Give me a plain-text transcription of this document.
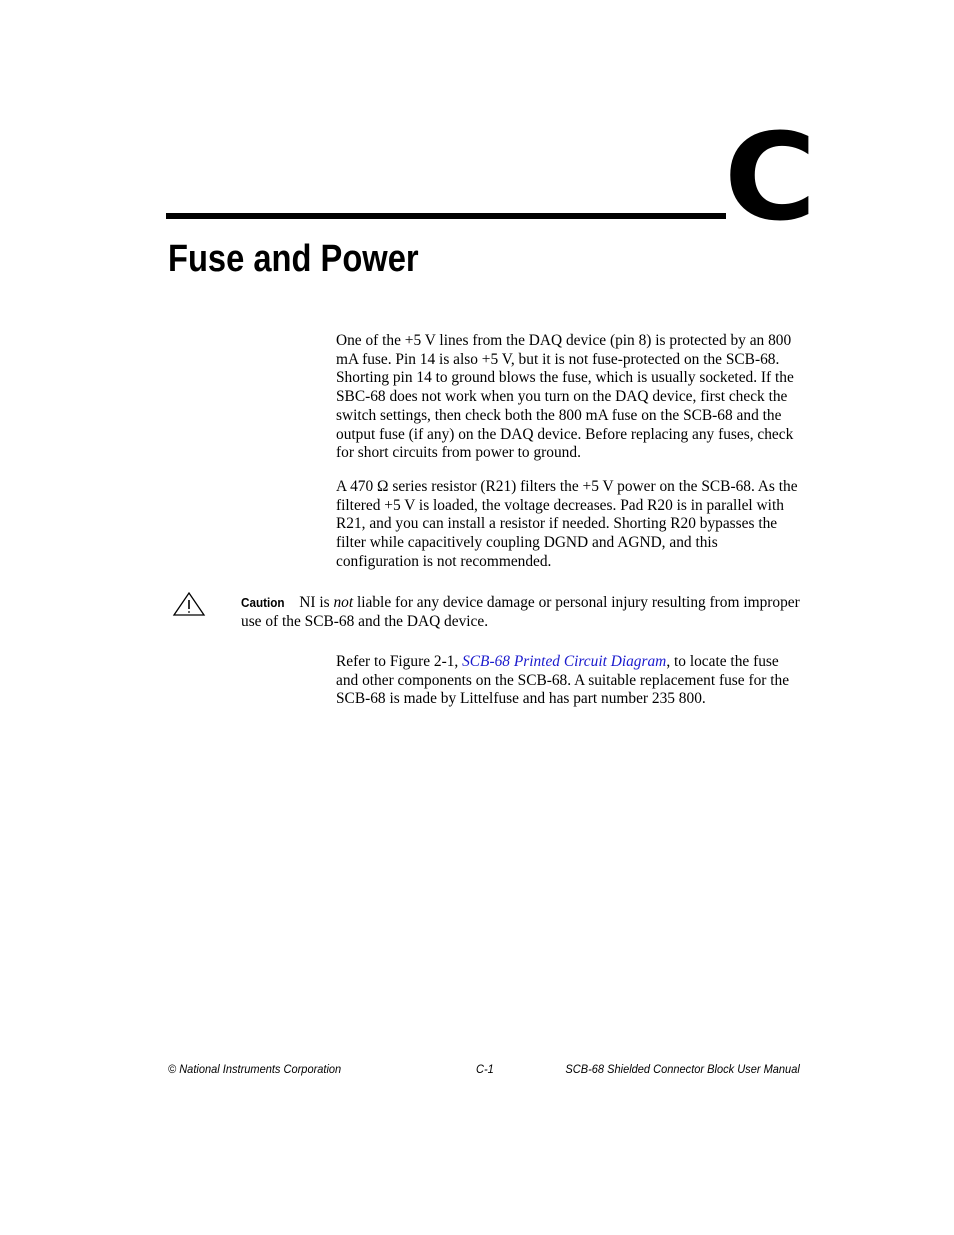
C
Fuse and Power

One of the +5 V lines from the DAQ device (pin 8) is protected by an 800 mA fuse. Pin 14 is also +5 V, but it is not fuse-protected on the SCB-68. Shorting pin 14 to ground blows the fuse, which is usually socketed. If the SBC-68 does not work when you turn on the DAQ device, first check the switch settings, then check both the 800 mA fuse on the SCB-68 and the output fuse (if any) on the DAQ device. Before replacing any fuses, check for short circuits from power to ground.

A 470 Ω series resistor (R21) filters the +5 V power on the SCB-68. As the filtered +5 V is loaded, the voltage decreases. Pad R20 is in parallel with R21, and you can install a resistor if needed. Shorting R20 bypasses the filter while capacitively coupling DGND and AGND, and this configuration is not recommended.

Caution NI is not liable for any device damage or personal injury resulting from improper use of the SCB-68 and the DAQ device.

Refer to Figure 2-1, SCB-68 Printed Circuit Diagram, to locate the fuse and other components on the SCB-68. A suitable replacement fuse for the SCB-68 is made by Littelfuse and has part number 235 800.

© National Instruments Corporation	C-1	SCB-68 Shielded Connector Block User Manual
